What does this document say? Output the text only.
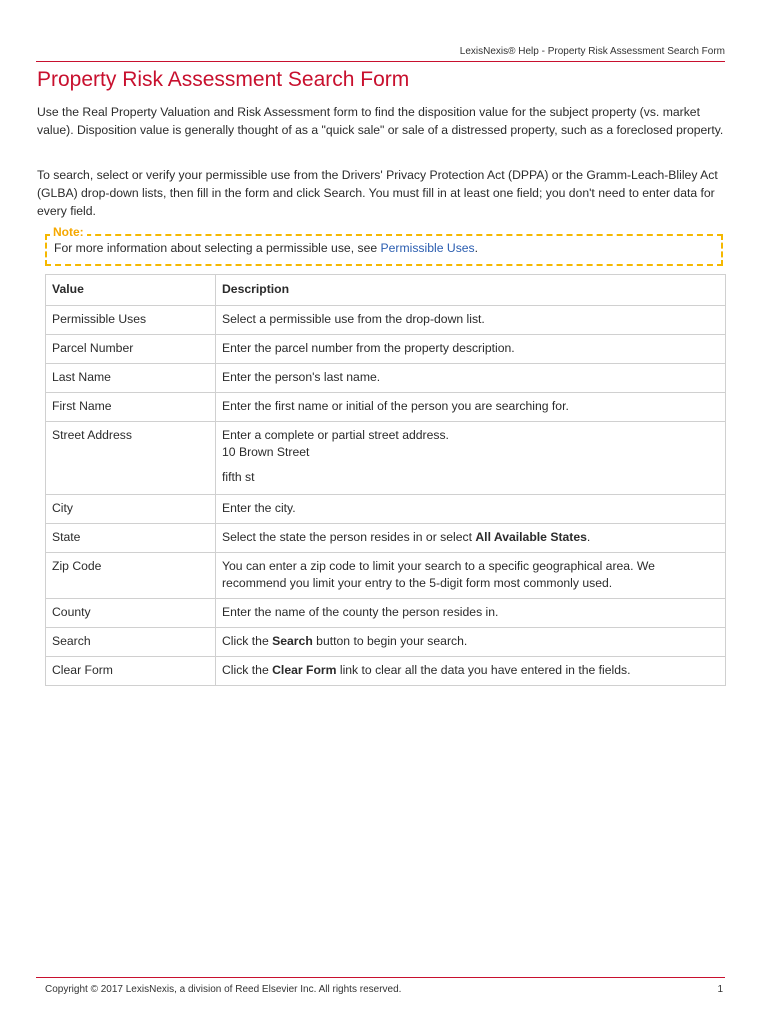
LexisNexis® Help - Property Risk Assessment Search Form
Property Risk Assessment Search Form

Use the Real Property Valuation and Risk Assessment form to find the disposition value for the subject property (vs. market value). Disposition value is generally thought of as a "quick sale" or sale of a distressed property, such as a foreclosed property.

To search, select or verify your permissible use from the Drivers' Privacy Protection Act (DPPA) or the Gramm-Leach-Bliley Act (GLBA) drop-down lists, then fill in the form and click Search. You must fill in at least one field; you don't need to enter data for every field.

Note:
For more information about selecting a permissible use, see Permissible Uses.
Value	Description
Permissible Uses	Select a permissible use from the drop-down list.
Parcel Number	Enter the parcel number from the property description.
Last Name	Enter the person's last name.
First Name	Enter the first name or initial of the person you are searching for.
Street Address	Enter a complete or partial street address.
10 Brown Street
fifth st

City	Enter the city.
State	Select the state the person resides in or select All Available States.
Zip Code	You can enter a zip code to limit your search to a specific geographical area. We recommend you limit your entry to the 5-digit form most commonly used.
County	Enter the name of the county the person resides in.
Search	Click the Search button to begin your search.
Clear Form	Click the Clear Form link to clear all the data you have entered in the fields.
Copyright © 2017 LexisNexis, a division of Reed Elsevier Inc. All rights reserved.	1
